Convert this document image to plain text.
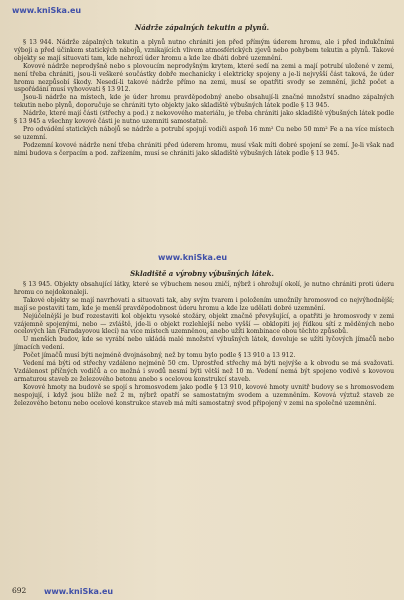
www.kniSka.eu
Nádrže zápalných tekutin a plynů.

§ 13 944. Nádrže zápalných tekutin a plynů nutno chrániti jen před přímým úderem hromu, ale i před indukčními výboji a před účinkem statických nábojů, vznikajících vlivem atmosférických zjevů nebo pohybem tekutin a plynů. Takové objekty se mají situovati tam, kde nehrozí úder hromu a kde lze dbáti dobré uzemnění.

Kovové nádrže neprodyšně nebo s plovoucím neprodyšným krytem, které sedí na zemi a mají potrubí uložené v zemi, není třeba chrániti, jsou-li veškeré součástky dobře mechanicky i elektricky spojeny a je-li nejvyšší část taková, že úder hromu nezpůsobí škody. Nesedí-li takové nádrže přímo na zemi, musí se opatřiti svody se zemnění, jichž počet a uspořádání musí vyhovovati § 13 912.

Jsou-li nádrže na místech, kde je úder hromu pravděpodobný anebo obsahují-li značné množství snadno zápalných tekutin nebo plynů, doporučuje se chrániti tyto objekty jako skladiště výbušných látek podle § 13 945.

Nádrže, které mají části (střechy a pod.) z nekovového materiálu, je třeba chrániti jako skladiště výbušných látek podle § 13 945 a všechny kovové části je nutno uzemniti samostatně.

Pro odvádění statických nábojů se nádrže a potrubí spojují vodiči aspoň 16 mm² Cu nebo 50 mm² Fe a na více místech se uzemní.

Podzemní kovové nádrže není třeba chrániti před úderem hromu, musí však míti dobré spojení se zemí. Je-li však nad nimi budova s čerpacím a pod. zařízením, musí se chrániti jako skladiště výbušných látek podle § 13 945.

www.kniSka.eu
Skladiště a výrobny výbušných látek.

§ 13 945. Objekty obsahující látky, které se výbuchem nesou zničí, nýbrž i ohrožují okolí, je nutno chrániti proti úderu hromu co nejdokonaleji.

Takové objekty se mají navrhovati a situovati tak, aby svým tvarem i položením umožnily hromosvod co nejvýhodnější; mají se postaviti tam, kde je menší pravděpodobnost úderu hromu a kde lze udělati dobré uzemnění.

Nejúčelnější je buď rozestaviti kol objektu vysoké stožáry, objekt značně převyšující, a opatřiti je hromosvody v zemi vzájemně spojenými, nebo — zvláště, jde-li o objekt rozlehlejší nebo vyšší — obklopiti jej řídkou sítí z měděných nebo ocelových lan (Faradayovou klecí) na více místech uzemněnou, anebo užíti kombinace obou těchto způsobů.

U menších budov, kde se vyrábí nebo ukládá malé množství výbušných látek, dovoluje se užíti lyčových jímačů nebo jímacích vedení.

Počet jímačů musí býti nejméně dvojnásobný, než by tomu bylo podle § 13 910 a 13 912.

Vedení má býti od střechy vzdáleno nejméně 50 cm. Uprostřed střechy má býti nejvýše a k obvodu se má svažovati. Vzdálenost příčných vodičů a co možná i svodů nesmí býti větší než 10 m. Vedení nemá být spojeno vodivě s kovovou armaturou staveb ze železového betonu anebo s ocelovou konstrukcí staveb.

Kovové hmoty na budově se spojí s hromosvodem jako podle § 13 910, kovové hmoty uvnitř budovy se s hromosvodem nespojují, i když jsou blíže než 2 m, nýbrž opatří se samostatným svodem a uzemněním. Kovová výztuž staveb ze železového betonu nebo ocelové konstrukce staveb má míti samostatný svod připojený v zemi na společné uzemnění.

692 www.kniSka.eu
